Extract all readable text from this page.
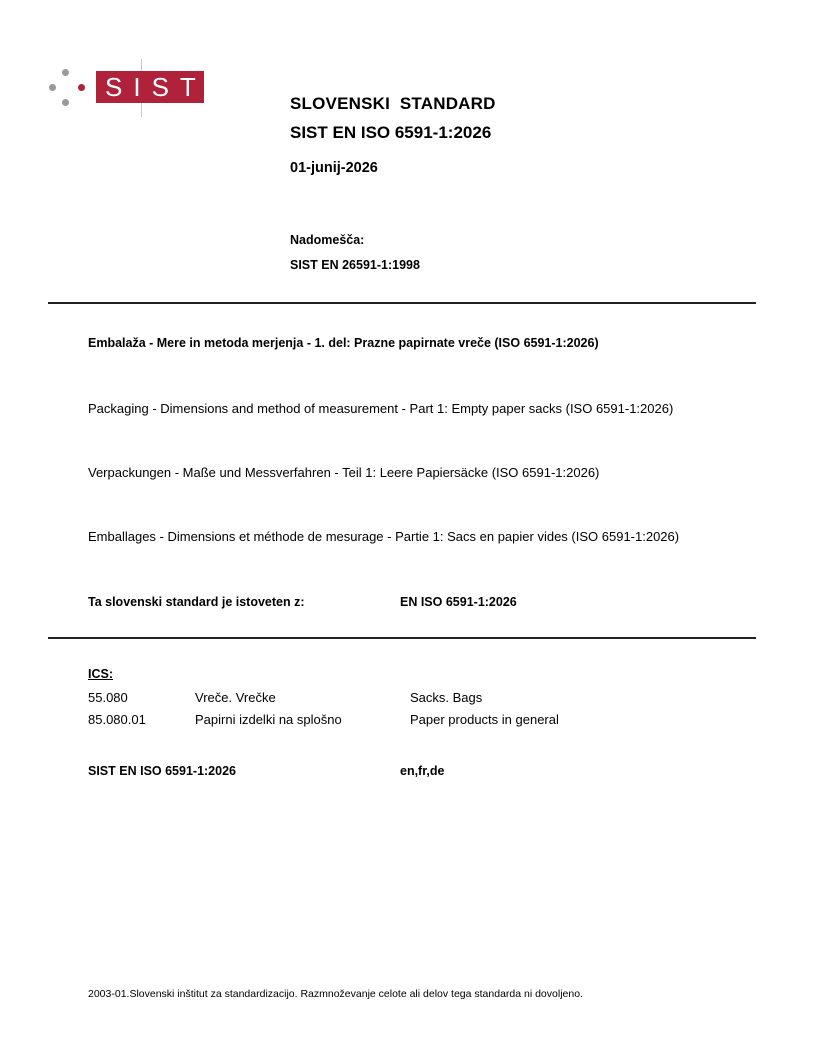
SIST
SLOVENSKI  STANDARD
SIST EN ISO 6591-1:2026
01-junij-2026
Nadomešča:
SIST EN 26591-1:1998
Embalaža - Mere in metoda merjenja - 1. del: Prazne papirnate vreče (ISO 6591-1:2026)
Packaging - Dimensions and method of measurement - Part 1: Empty paper sacks (ISO 6591-1:2026)
Verpackungen - Maße und Messverfahren - Teil 1: Leere Papiersäcke (ISO 6591-1:2026)
Emballages - Dimensions et méthode de mesurage - Partie 1: Sacs en papier vides (ISO 6591-1:2026)
Ta slovenski standard je istoveten z:	EN ISO 6591-1:2026
ICS:
55.080	Vreče. Vrečke	Sacks. Bags
85.080.01	Papirni izdelki na splošno	Paper products in general
SIST EN ISO 6591-1:2026	en,fr,de
2003-01.Slovenski inštitut za standardizacijo. Razmnoževanje celote ali delov tega standarda ni dovoljeno.
